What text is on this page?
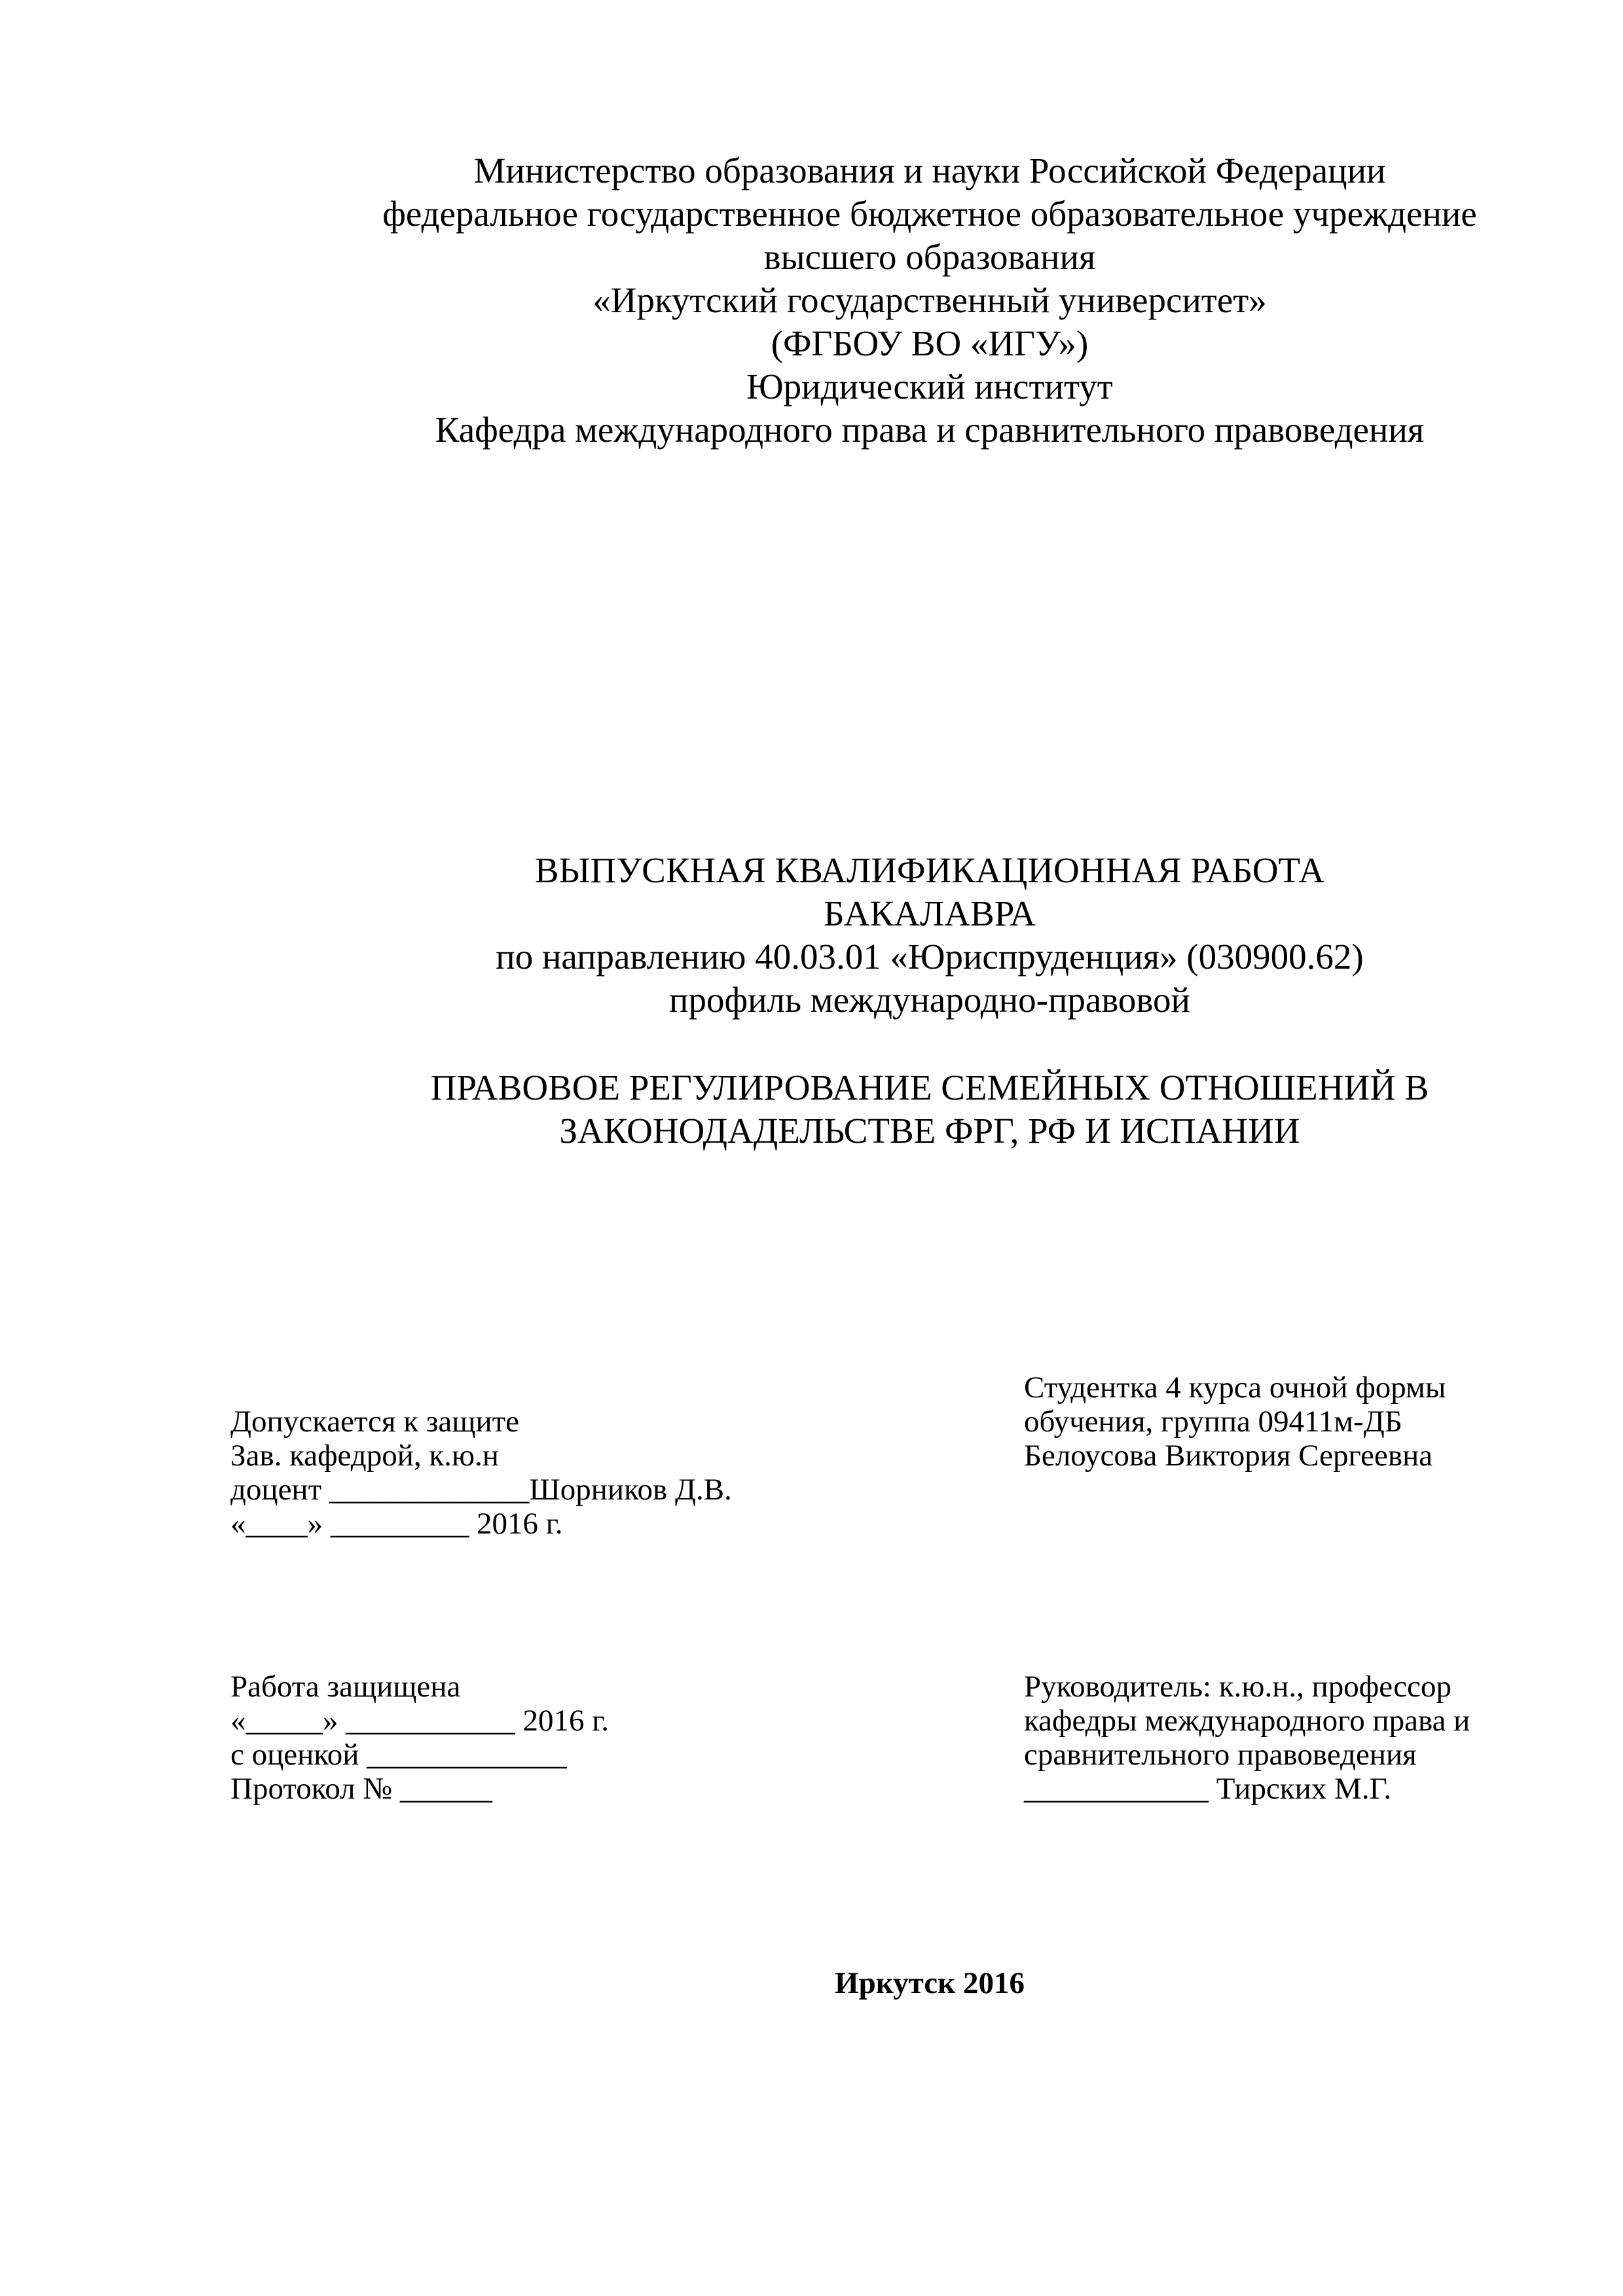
Министерство образования и науки Российской Федерации
федеральное государственное бюджетное образовательное учреждение
высшего образования
«Иркутский государственный университет»
(ФГБОУ ВО «ИГУ»)
Юридический институт
Кафедра международного права и сравнительного правоведения
ВЫПУСКНАЯ КВАЛИФИКАЦИОННАЯ РАБОТА
БАКАЛАВРА
по направлению 40.03.01 «Юриспруденция» (030900.62)
профиль международно-правовой
ПРАВОВОЕ РЕГУЛИРОВАНИЕ СЕМЕЙНЫХ ОТНОШЕНИЙ В
ЗАКОНОДАДЕЛЬСТВЕ ФРГ, РФ И ИСПАНИИ
Допускается к защите
Зав. кафедрой, к.ю.н
доцент _____________Шорников Д.В.
«____» _________ 2016 г.
Студентка 4 курса очной формы
обучения, группа 09411м-ДБ
Белоусова Виктория Сергеевна
Работа защищена
«_____» ___________ 2016 г.
с оценкой _____________
Протокол № ______
Руководитель: к.ю.н., профессор
кафедры международного права и
сравнительного правоведения
____________ Тирских М.Г.
Иркутск 2016
